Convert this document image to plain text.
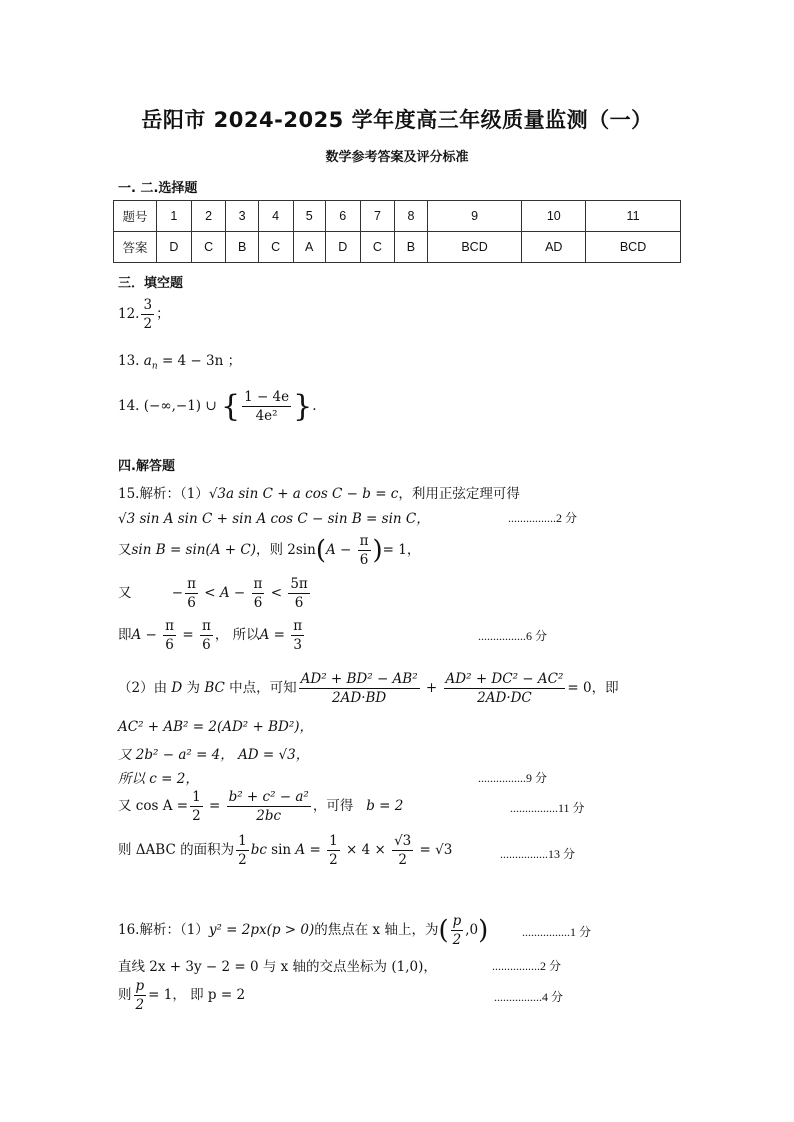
岳阳市 2024-2025 学年度高三年级质量监测（一）
数学参考答案及评分标准
一. 二.选择题
题号	1	2	3	4	5	6	7	8	9	10	11
答案	D	C	B	C	A	D	C	B	BCD	AD	BCD
三．填空题
12. $\frac{3}{2}$ ；
13. $a_n = 4 - 3n$ ；
14. (−∞,−1) ∪ { $\frac{1 - 4e}{\text{4e²}}$ }.
四.解答题
15.解析：（1）√3a sin C + a cos C − b = c，利用正弦定理可得
√3 sin A sin C + sin A cos C − sin B = sin C，	................2 分
又sin B = sin(A + C)，则 $2\sin(A - \frac{\pi}{6}$ )= 1，
又	− $\frac{\pi}{6} < A - \frac{\pi}{6} < \frac{5\pi}{6}$
即$A - \frac{\pi}{6} = \frac{\pi}{6}$ ， 所以$A = \frac{\pi}{3}$	................6 分
（2）由 D 为 BC 中点，可知 $\frac{\text{AD² + BD² − AB²}}{2AD\cdot BD} + \frac{\text{AD² + DC² − AC²}}{2AD\cdot DC} = 0$，即
AC² + AB² = 2(AD² + BD²)，
又 2b² − a² = 4， AD = √3，
所以 c = 2，	................9 分
又 $\cos A = \frac{1}{2} = \frac{\text{b² + c² − a²}}{2bc}$ ，可得 b = 2	................11 分
则 ΔABC 的面积为 $\frac{1}{2}$ bc $\sin A = \frac{1}{2} \times 4 \times \frac{√3}{2} = √3$	................13 分
16.解析：（1）y² = 2px(p > 0)的焦点在 x 轴上，为( $\frac{p}{2} ,0$)	................1 分
直线 2x + 3y − 2 = 0 与 x 轴的交点坐标为 (1,0)，	................2 分
则 $\frac{p}{2} = 1$， 即 p = 2	................4 分
